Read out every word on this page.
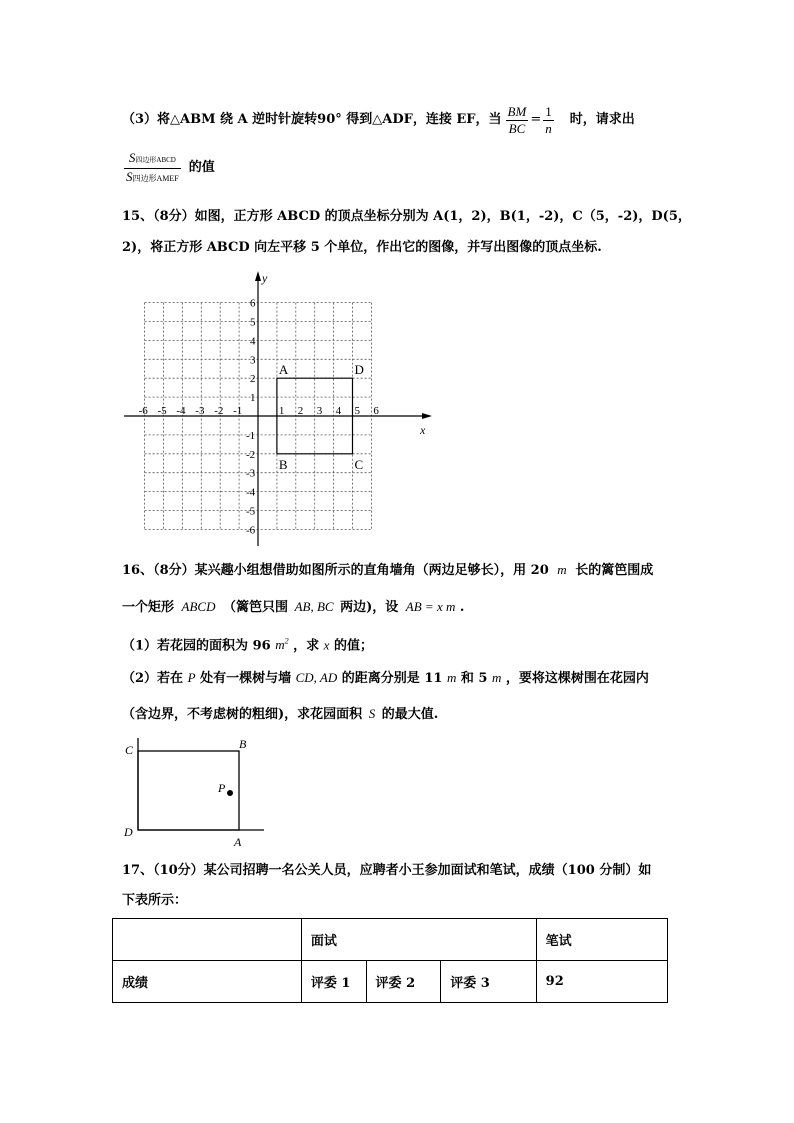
（3）将△ABM 绕 A 逆时针旋转90° 得到△ADF，连接 EF，当 $\frac{BM}{BC} = \frac{1}{n}$ 时，请求出
$\frac{\text{S四边形ABCD}}{\text{S四边形AMEF}}$ 的值
15、（8分）如图，正方形 ABCD 的顶点坐标分别为 A(1，2)，B(1，-2)，C（5，-2)，D(5，
2)，将正方形 ABCD 向左平移 5 个单位，作出它的图像，并写出图像的顶点坐标.
x
y
-6 -5 -4 -3 -2 -1	1 2 3 4 5 6
6
5
4
3
2
1
-1
-2
-3
-4
-5
-6
A	D
C
B
16、（8分）某兴趣小组想借助如图所示的直角墙角（两边足够长），用 20 m 长的篱笆围成
一个矩形 ABCD （篱笆只围 AB, BC 两边)，设 AB = x m .
（1）若花园的面积为 96 $m^2$ ，求 x 的值；
（2）若在 P 处有一棵树与墙 CD, AD 的距离分别是 11 m 和 5 m ，要将这棵树围在花园内
（含边界，不考虑树的粗细)，求花园面积 S 的最大值.
C	B
D
A
P
17、（10分）某公司招聘一名公关人员，应聘者小王参加面试和笔试，成绩（100 分制）如
下表所示：
	面试			笔试
成绩	评委 1	评委 2	评委 3	92
